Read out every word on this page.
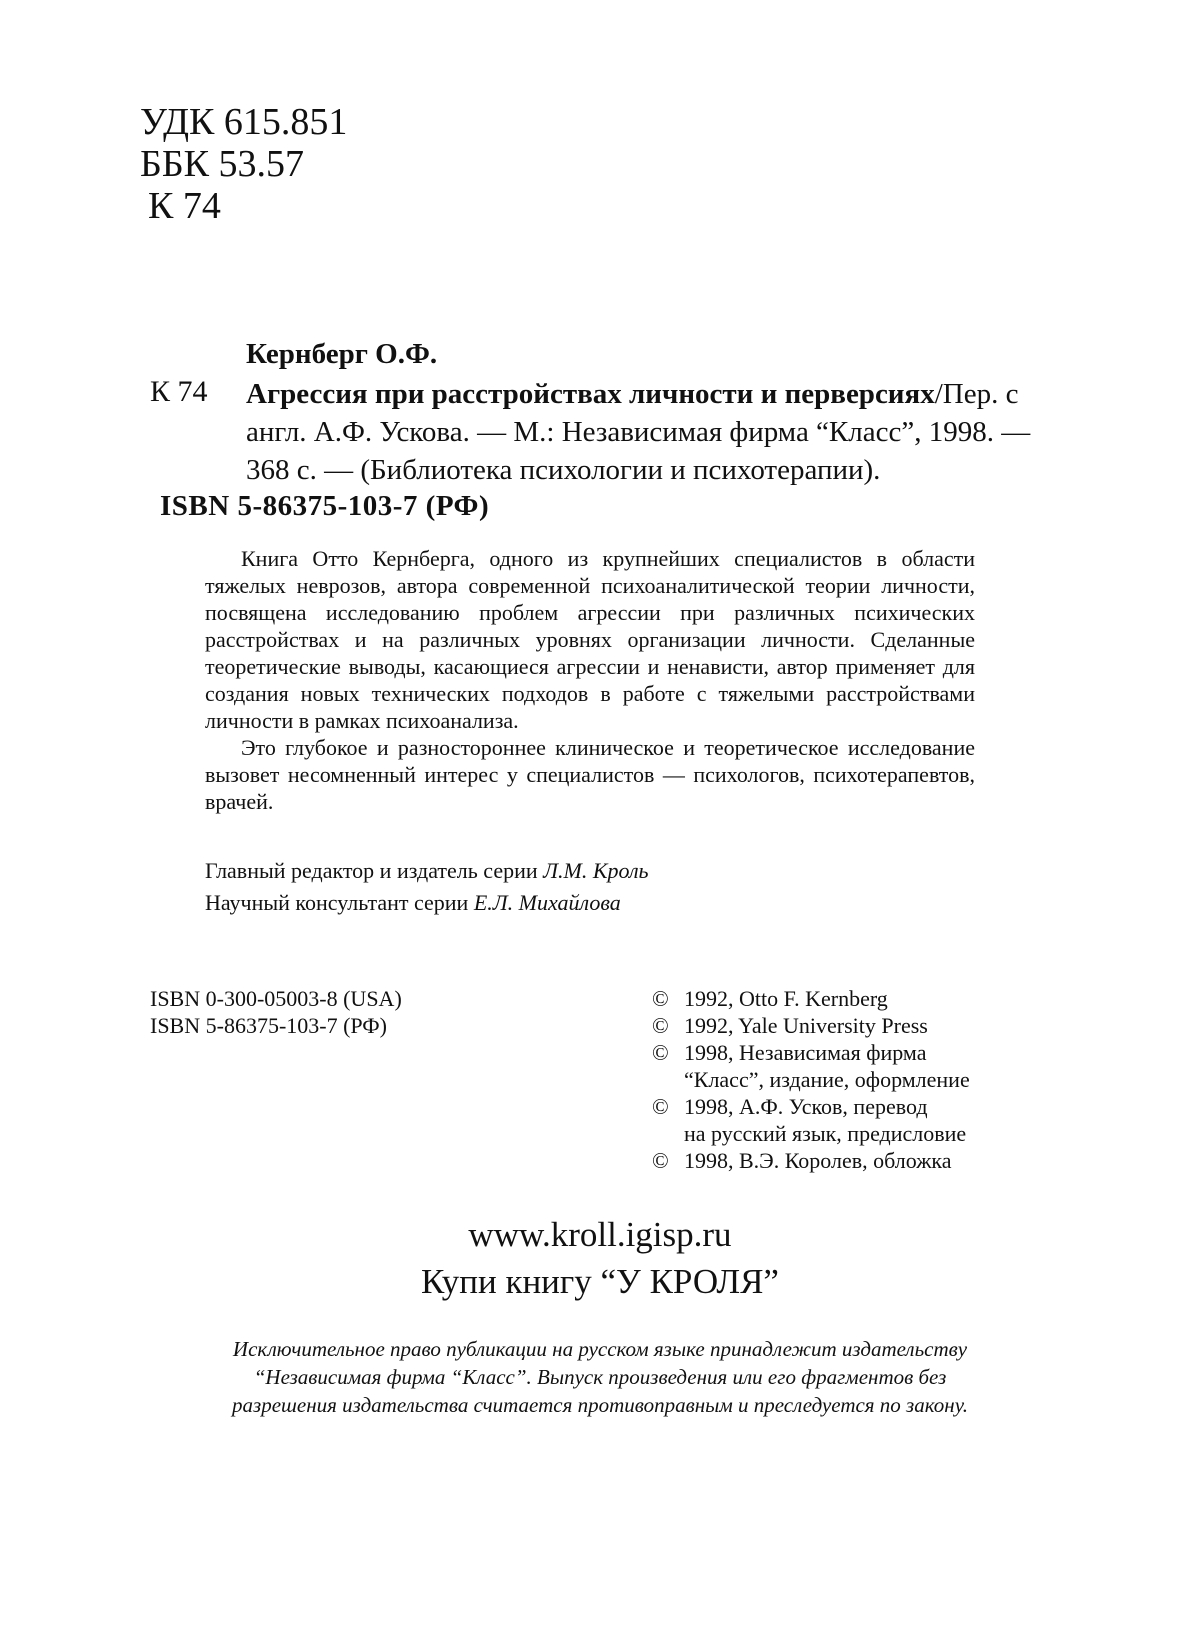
УДК 615.851
ББК 53.57
К 74
Кернберг О.Ф.
К 74 Агрессия при расстройствах личности и перверсиях/Пер. с англ. А.Ф. Ускова. — М.: Независимая фирма “Класс”, 1998. — 368 с. — (Библиотека психологии и психотерапии).
ISBN 5-86375-103-7 (РФ)

Книга Отто Кернберга, одного из крупнейших специалистов в области тяжелых неврозов, автора современной психоаналитической теории личности, посвящена исследованию проблем агрессии при различных психических расстройствах и на различных уровнях организации личности. Сделанные теоретические выводы, касающиеся агрессии и ненависти, автор применяет для создания новых технических подходов в работе с тяжелыми расстройствами личности в рамках психоанализа.

Это глубокое и разностороннее клиническое и теоретическое исследование вызовет несомненный интерес у специалистов — психологов, психотерапевтов, врачей.

Главный редактор и издатель серии Л.М. Кроль
Научный консультант серии Е.Л. Михайлова
ISBN 0-300-05003-8 (USA)
ISBN 5-86375-103-7 (РФ)
© 1992, Otto F. Kernberg
© 1992, Yale University Press
© 1998, Независимая фирма
“Класс”, издание, оформление
© 1998, А.Ф. Усков, перевод
на русский язык, предисловие
© 1998, В.Э. Королев, обложка
www.kroll.igisp.ru
Купи книгу “У КРОЛЯ”
Исключительное право публикации на русском языке принадлежит издательству
“Независимая фирма “Класс”. Выпуск произведения или его фрагментов без
разрешения издательства считается противоправным и преследуется по закону.
